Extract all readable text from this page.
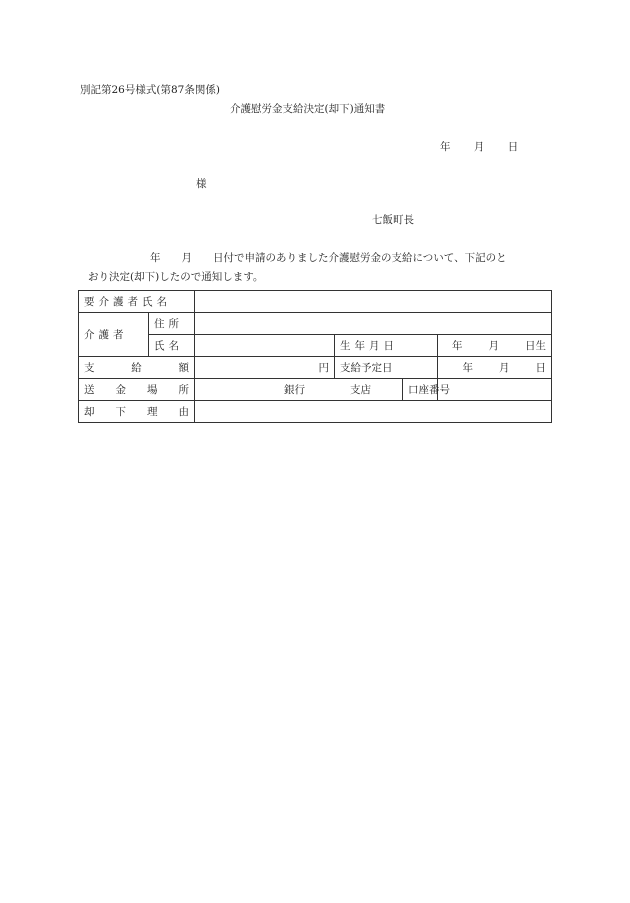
別記第26号様式(第87条関係)
介護慰労金支給決定(却下)通知書
年 月 日
様
七飯町長
年　　月　　日付で申請のありました介護慰労金の支給について、下記のと
おり決定(却下)したので通知します。
要介護者氏名					
介護者	住所				
	氏名		生年月日		年 月 日生

支 給 額		円	支給予定日		年 月 日

送 金 場 所		銀行 支店		口座番号	

却 下 理 由					
